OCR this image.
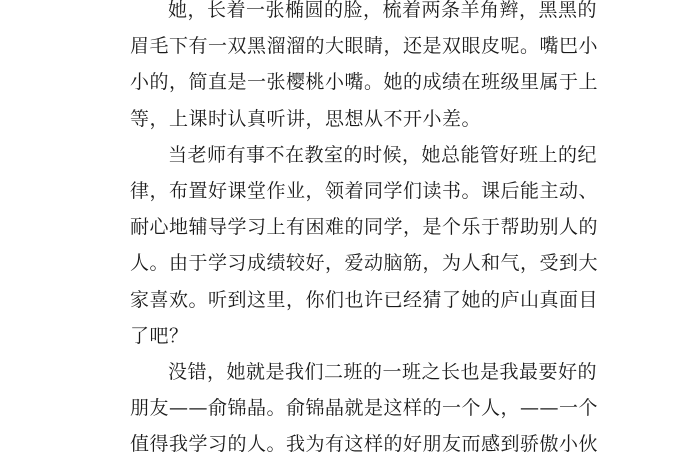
她，长着一张椭圆的脸，梳着两条羊角辫，黑黑的
眉毛下有一双黑溜溜的大眼睛，还是双眼皮呢。嘴巴小
小的，简直是一张樱桃小嘴。她的成绩在班级里属于上
等，上课时认真听讲，思想从不开小差。
当老师有事不在教室的时候，她总能管好班上的纪
律，布置好课堂作业，领着同学们读书。课后能主动、
耐心地辅导学习上有困难的同学，是个乐于帮助别人的
人。由于学习成绩较好，爱动脑筋，为人和气，受到大
家喜欢。听到这里，你们也许已经猜了她的庐山真面目
了吧？
没错，她就是我们二班的一班之长也是我最要好的
朋友——俞锦晶。俞锦晶就是这样的一个人，——一个
值得我学习的人。我为有这样的好朋友而感到骄傲小伙
